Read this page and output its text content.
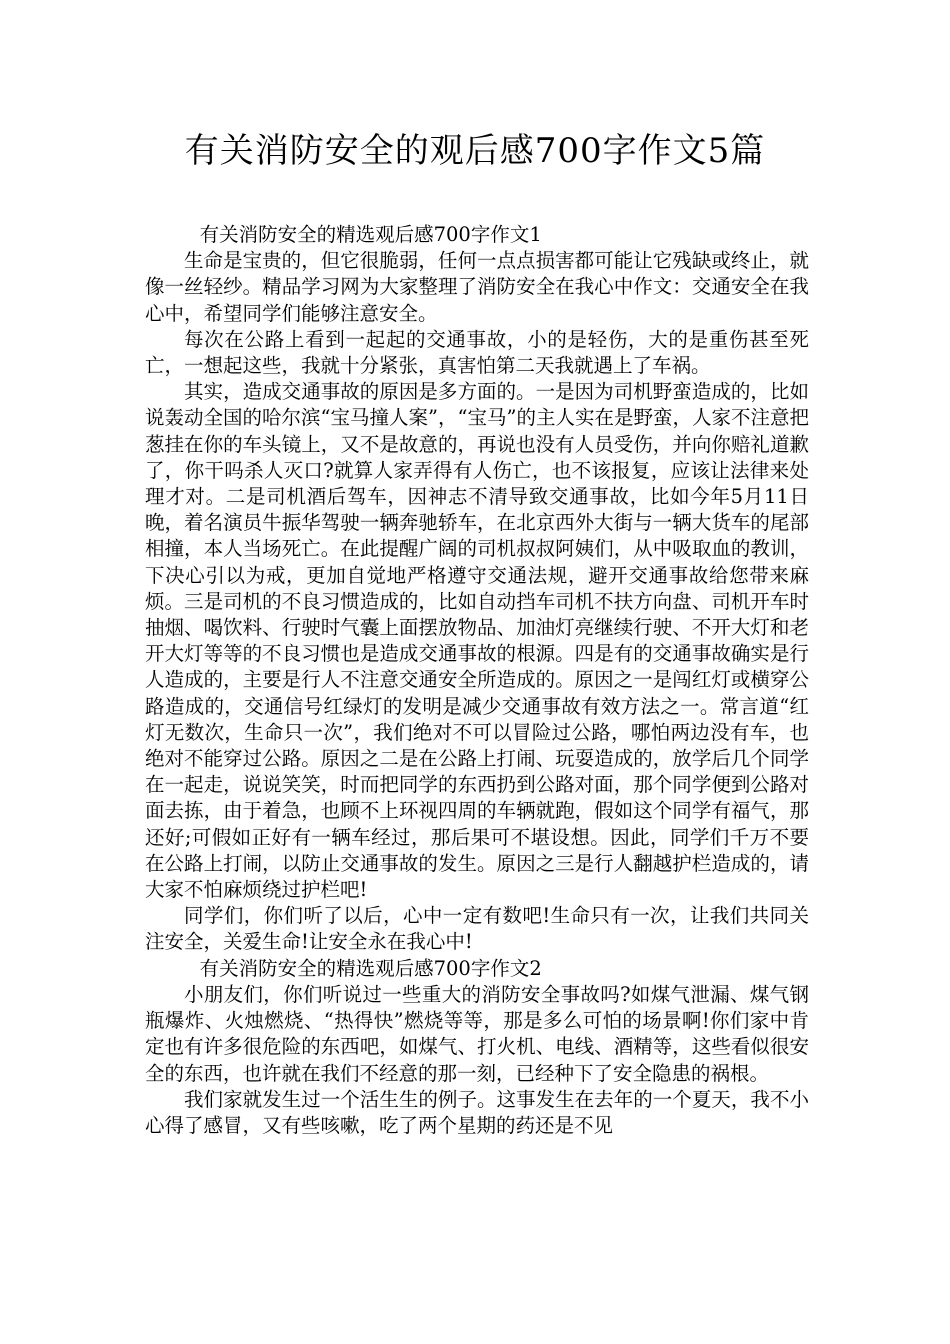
有关消防安全的观后感700字作文5篇

有关消防安全的精选观后感700字作文1

生命是宝贵的，但它很脆弱，任何一点点损害都可能让它残缺或终止，就像一丝轻纱。精品学习网为大家整理了消防安全在我心中作文：交通安全在我心中，希望同学们能够注意安全。

每次在公路上看到一起起的交通事故，小的是轻伤，大的是重伤甚至死亡，一想起这些，我就十分紧张，真害怕第二天我就遇上了车祸。

其实，造成交通事故的原因是多方面的。一是因为司机野蛮造成的，比如说轰动全国的哈尔滨“宝马撞人案”，“宝马”的主人实在是野蛮，人家不注意把葱挂在你的车头镜上，又不是故意的，再说也没有人员受伤，并向你赔礼道歉了，你干吗杀人灭口?就算人家弄得有人伤亡，也不该报复，应该让法律来处理才对。二是司机酒后驾车，因神志不清导致交通事故，比如今年5月11日晚，着名演员牛振华驾驶一辆奔驰轿车，在北京西外大街与一辆大货车的尾部相撞，本人当场死亡。在此提醒广阔的司机叔叔阿姨们，从中吸取血的教训，下决心引以为戒，更加自觉地严格遵守交通法规，避开交通事故给您带来麻烦。三是司机的不良习惯造成的，比如自动挡车司机不扶方向盘、司机开车时抽烟、喝饮料、行驶时气囊上面摆放物品、加油灯亮继续行驶、不开大灯和老开大灯等等的不良习惯也是造成交通事故的根源。四是有的交通事故确实是行人造成的，主要是行人不注意交通安全所造成的。原因之一是闯红灯或横穿公路造成的，交通信号红绿灯的发明是减少交通事故有效方法之一。常言道“红灯无数次，生命只一次”，我们绝对不可以冒险过公路，哪怕两边没有车，也绝对不能穿过公路。原因之二是在公路上打闹、玩耍造成的，放学后几个同学在一起走，说说笑笑，时而把同学的东西扔到公路对面，那个同学便到公路对面去拣，由于着急，也顾不上环视四周的车辆就跑，假如这个同学有福气，那还好;可假如正好有一辆车经过，那后果可不堪设想。因此，同学们千万不要在公路上打闹，以防止交通事故的发生。原因之三是行人翻越护栏造成的，请大家不怕麻烦绕过护栏吧!

同学们，你们听了以后，心中一定有数吧!生命只有一次，让我们共同关注安全，关爱生命!让安全永在我心中!

有关消防安全的精选观后感700字作文2

小朋友们，你们听说过一些重大的消防安全事故吗?如煤气泄漏、煤气钢瓶爆炸、火烛燃烧、“热得快”燃烧等等，那是多么可怕的场景啊!你们家中肯定也有许多很危险的东西吧，如煤气、打火机、电线、酒精等，这些看似很安全的东西，也许就在我们不经意的那一刻，已经种下了安全隐患的祸根。

我们家就发生过一个活生生的例子。这事发生在去年的一个夏天，我不小心得了感冒，又有些咳嗽，吃了两个星期的药还是不见
